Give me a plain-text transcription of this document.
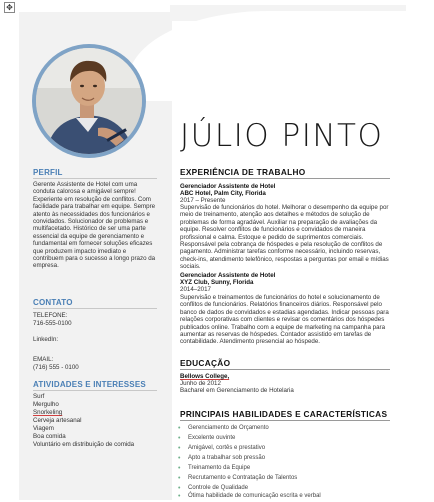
✥
PERFIL
Gerente Assistente de Hotel com uma conduta calorosa e amigável sempre! Experiente em resolução de conflitos. Com facilidade para trabalhar em equipe. Sempre atento às necessidades dos funcionários e convidados. Solucionador de problemas e multifacetado. Histórico de ser uma parte essencial da equipe de gerenciamento e fundamental em fornecer soluções eficazes que produzem impacto imediato e contribuem para o sucesso a longo prazo da empresa.
CONTATO
TELEFONE:
716-555-0100
LinkedIn:
EMAIL:
(716) 555 - 0100
ATIVIDADES E INTERESSES
Surf
Mergulho
Snorkeling
Cerveja artesanal
Viagem
Boa comida
Voluntário em distribuição de comida
JÚLIO PINTO
EXPERIÊNCIA DE TRABALHO
Gerenciador Assistente de Hotel
ABC Hotel, Palm City, Florida
2017 – Presente
Supervisão de funcionários do hotel. Melhorar o desempenho da equipe por meio de treinamento, atenção aos detalhes e métodos de solução de problemas de forma agradável. Auxiliar na preparação de avaliações da equipe. Resolver conflitos de funcionários e convidados de maneira profissional e calma. Estoque e pedido de suprimentos comerciais. Responsável pela cobrança de hóspedes e pela resolução de conflitos de pagamento. Administrar tarefas conforme necessário, incluindo reservas, check-ins, atendimento telefônico, respostas a perguntas por email e mídias sociais.
Gerenciador Assistente de Hotel
XYZ Club, Sunny, Florida
2014–2017
Supervisão e treinamentos de funcionários do hotel e solucionamento de conflitos de funcionários. Relatórios financeiros diários. Responsável pelo banco de dados de convidados e estadias agendadas. Indicar pessoas para relações corporativas com clientes e revisar os comentários dos hóspedes publicados online. Trabalho com a equipe de marketing na campanha para aumentar as reservas de hóspedes. Contador assistido em tarefas de contabilidade. Atendimento presencial ao hóspede.
EDUCAÇÃO
Bellows College,
Junho de 2012
Bacharel em Gerenciamento de Hotelaria
PRINCIPAIS HABILIDADES E CARACTERÍSTICAS
• Gerenciamento de Orçamento
• Excelente ouvinte
• Amigável, cortês e prestativo
• Apto a trabalhar sob pressão
• Treinamento da Equipe
• Recrutamento e Contratação de Talentos
• Controle de Qualidade
• Ótima habilidade de comunicação escrita e verbal
